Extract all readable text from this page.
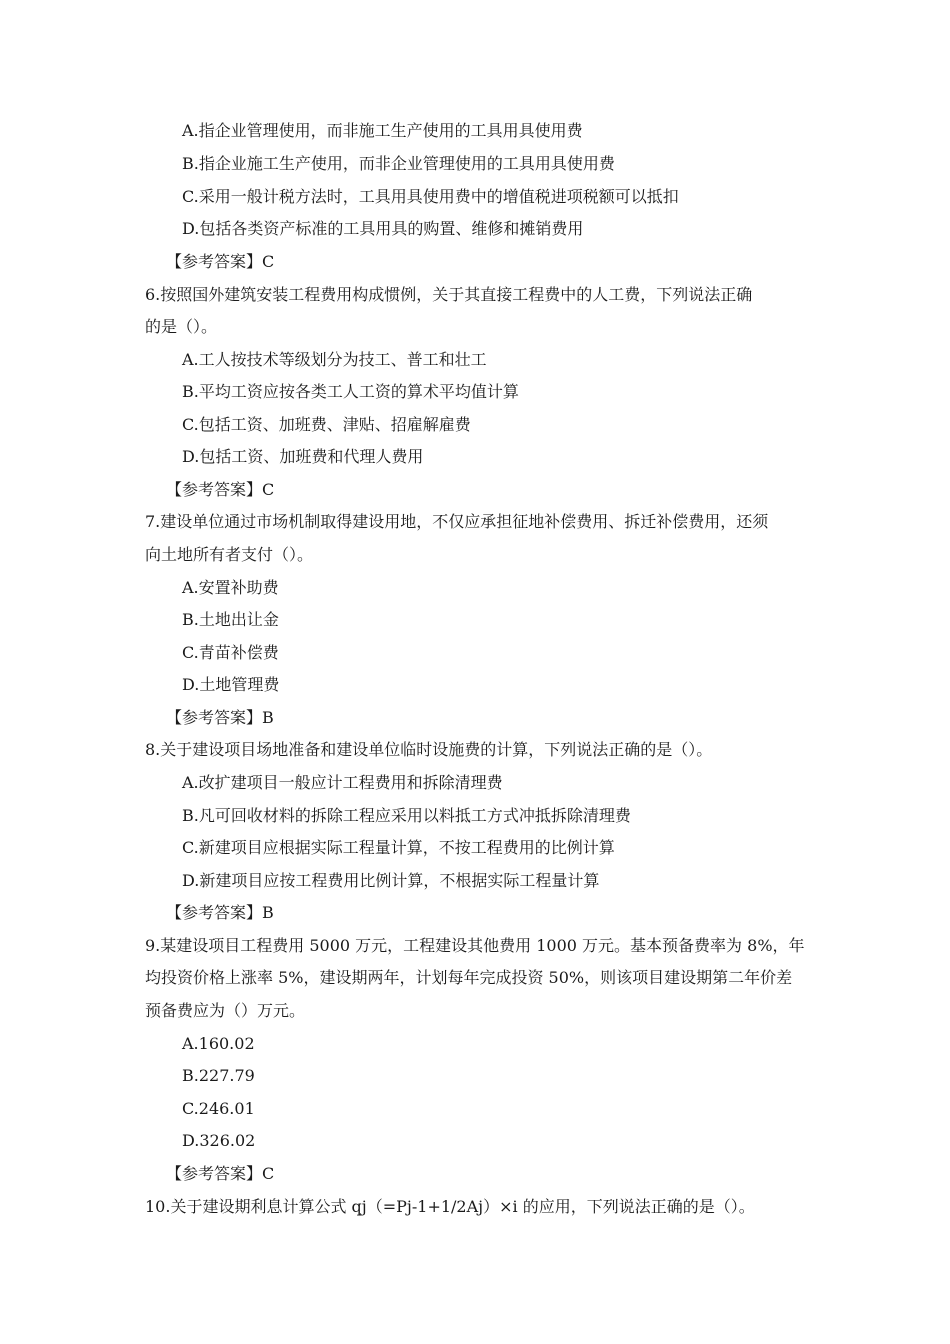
A.指企业管理使用，而非施工生产使用的工具用具使用费
B.指企业施工生产使用，而非企业管理使用的工具用具使用费
C.采用一般计税方法时，工具用具使用费中的增值税进项税额可以抵扣
D.包括各类资产标准的工具用具的购置、维修和摊销费用
【参考答案】C
6.按照国外建筑安装工程费用构成惯例，关于其直接工程费中的人工费，下列说法正确
的是（）。
A.工人按技术等级划分为技工、普工和壮工
B.平均工资应按各类工人工资的算术平均值计算
C.包括工资、加班费、津贴、招雇解雇费
D.包括工资、加班费和代理人费用
【参考答案】C
7.建设单位通过市场机制取得建设用地，不仅应承担征地补偿费用、拆迁补偿费用，还须
向土地所有者支付（）。
A.安置补助费
B.土地出让金
C.青苗补偿费
D.土地管理费
【参考答案】B
8.关于建设项目场地准备和建设单位临时设施费的计算，下列说法正确的是（）。
A.改扩建项目一般应计工程费用和拆除清理费
B.凡可回收材料的拆除工程应采用以料抵工方式冲抵拆除清理费
C.新建项目应根据实际工程量计算，不按工程费用的比例计算
D.新建项目应按工程费用比例计算，不根据实际工程量计算
【参考答案】B
9.某建设项目工程费用 5000 万元，工程建设其他费用 1000 万元。基本预备费率为 8%，年
均投资价格上涨率 5%，建设期两年，计划每年完成投资 50%，则该项目建设期第二年价差
预备费应为（）万元。
A.160.02
B.227.79
C.246.01
D.326.02
【参考答案】C
10.关于建设期利息计算公式 qj（=Pj-1+1/2Aj）×i 的应用，下列说法正确的是（）。
